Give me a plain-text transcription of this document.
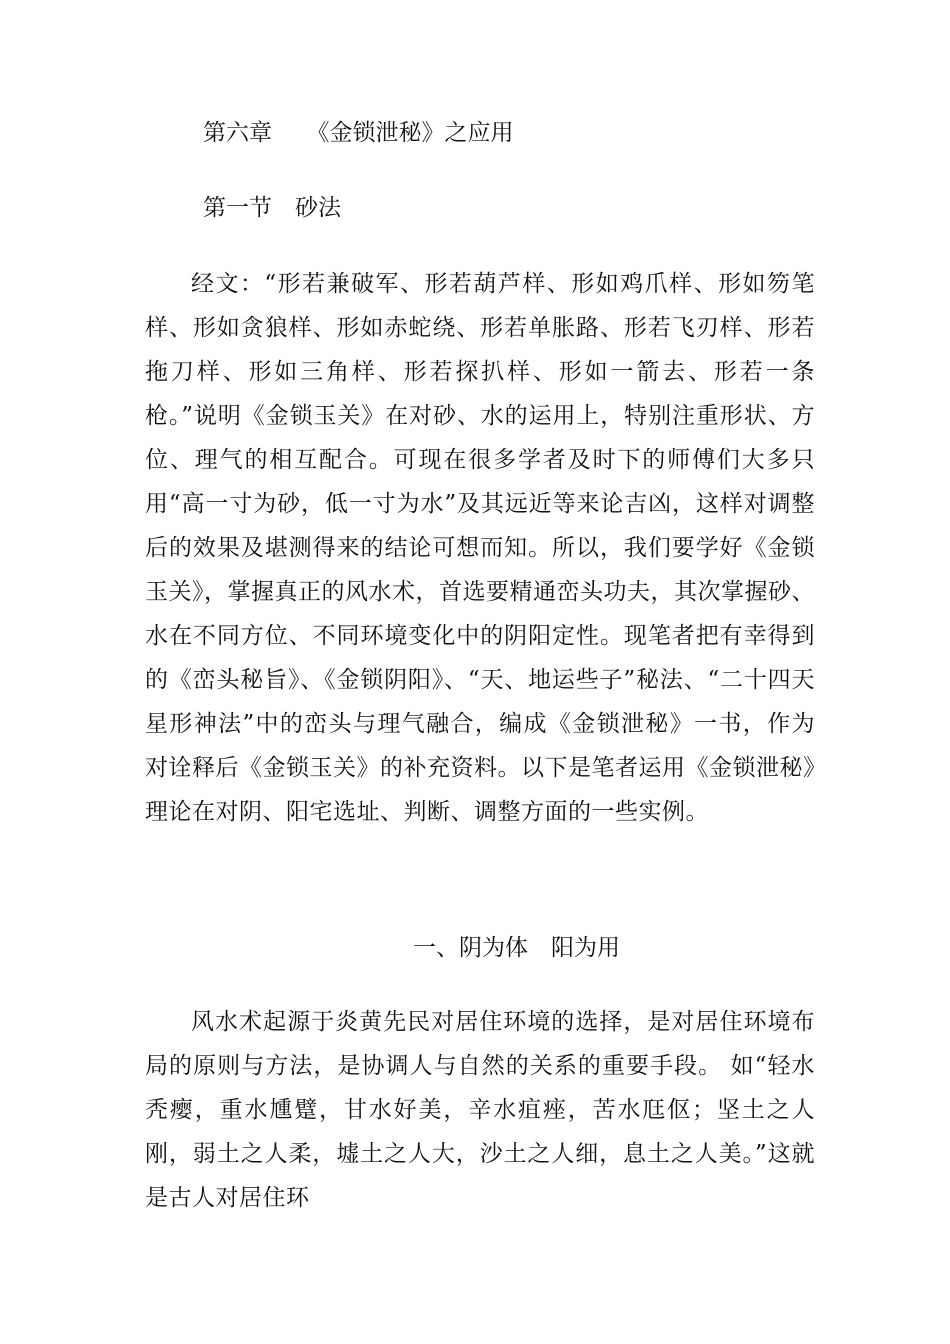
第六章　　《金锁泄秘》之应用
第一节　砂法

经文：“形若兼破军、形若葫芦样、形如鸡爪样、形如笏笔样、形如贪狼样、形如赤蛇绕、形若单胀路、形若飞刃样、形若拖刀样、形如三角样、形若探扒样、形如一箭去、形若一条枪。”说明《金锁玉关》在对砂、水的运用上，特别注重形状、方位、理气的相互配合。可现在很多学者及时下的师傅们大多只用“高一寸为砂，低一寸为水”及其远近等来论吉凶，这样对调整后的效果及堪测得来的结论可想而知。所以，我们要学好《金锁玉关》，掌握真正的风水术，首选要精通峦头功夫，其次掌握砂、水在不同方位、不同环境变化中的阴阳定性。现笔者把有幸得到的《峦头秘旨》、《金锁阴阳》、“天、地运些子”秘法、“二十四天星形神法”中的峦头与理气融合，编成《金锁泄秘》一书，作为对诠释后《金锁玉关》的补充资料。以下是笔者运用《金锁泄秘》理论在对阴、阳宅选址、判断、调整方面的一些实例。

一、阴为体　阳为用

风水术起源于炎黄先民对居住环境的选择，是对居住环境布局的原则与方法，是协调人与自然的关系的重要手段。 如“轻水秃瘿，重水尰躄，甘水好美，辛水疽痤，苦水尫伛；坚土之人刚，弱土之人柔，墟土之人大，沙土之人细，息土之人美。”这就是古人对居住环
